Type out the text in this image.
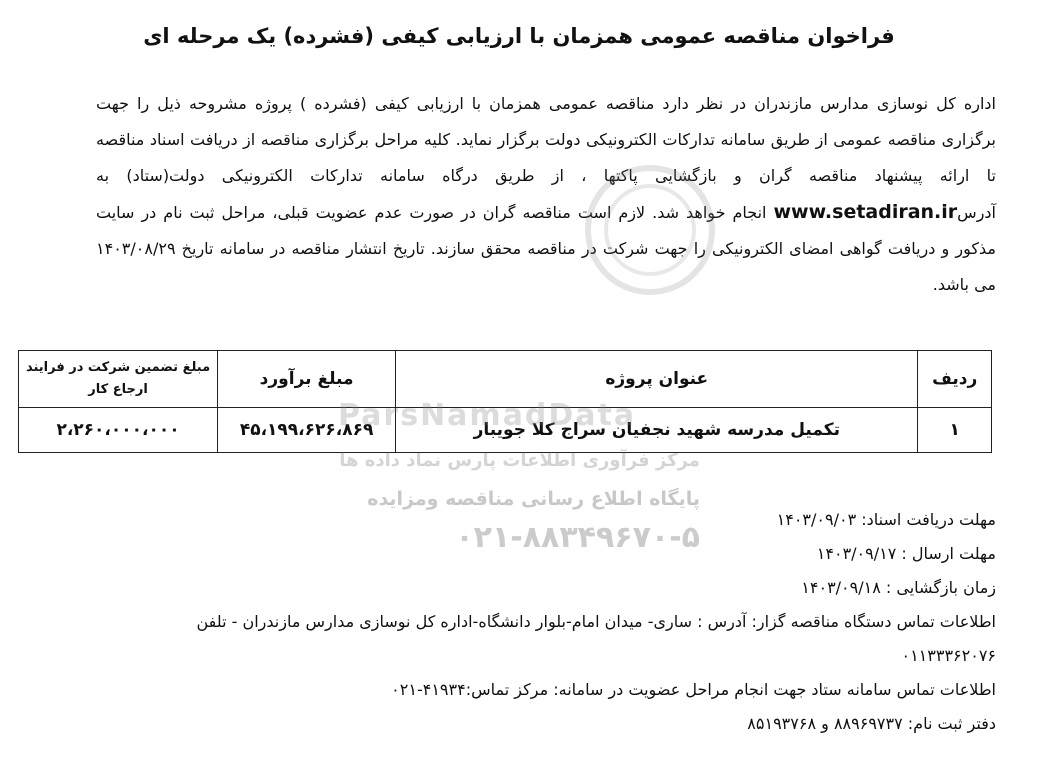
فراخوان مناقصه عمومی همزمان با ارزیابی کیفی (فشرده) یک مرحله ای
اداره کل نوسازی مدارس مازندران در نظر دارد مناقصه عمومی همزمان با ارزیابی کیفی (فشرده ) پروژه مشروحه ذیل را جهت برگزاری مناقصه عمومی از طریق سامانه تدارکات الکترونیکی دولت برگزار نماید. کلیه مراحل برگزاری مناقصه از دریافت اسناد مناقصه تا ارائه پیشنهاد مناقصه گران و بازگشایی پاکتها ، از طریق درگاه سامانه تدارکات الکترونیکی دولت(ستاد) به آدرسwww.setadiran.ir انجام خواهد شد. لازم است مناقصه گران در صورت عدم عضویت قبلی، مراحل ثبت نام در سایت مذکور و دریافت گواهی امضای الکترونیکی را جهت شرکت در مناقصه محقق سازند. تاریخ انتشار مناقصه در سامانه تاریخ ۱۴۰۳/۰۸/۲۹ می باشد.
ردیف	عنوان پروژه	مبلغ برآورد	مبلغ تضمین شرکت در فرایند ارجاع کار
۱	تکمیل مدرسه شهید نجفیان سراج کلا جویبار	۴۵،۱۹۹،۶۲۶،۸۶۹	۲،۲۶۰،۰۰۰،۰۰۰
مهلت دریافت اسناد: ۱۴۰۳/۰۹/۰۳
مهلت ارسال : ۱۴۰۳/۰۹/۱۷
زمان بازگشایی : ۱۴۰۳/۰۹/۱۸
اطلاعات تماس دستگاه مناقصه گزار: آدرس : ساری- میدان امام-بلوار دانشگاه-اداره کل نوسازی مدارس مازندران - تلفن
۰۱۱۳۳۳۶۲۰۷۶
اطلاعات تماس سامانه ستاد جهت انجام مراحل عضویت در سامانه: مرکز تماس:۴۱۹۳۴-۰۲۱
دفتر ثبت نام: ۸۸۹۶۹۷۳۷ و ۸۵۱۹۳۷۶۸
ParsNamadData
مرکز فرآوری اطلاعات پارس نماد داده ها
پایگاه اطلاع رسانی مناقصه ومزایده
۰۲۱-۸۸۳۴۹۶۷۰-۵
